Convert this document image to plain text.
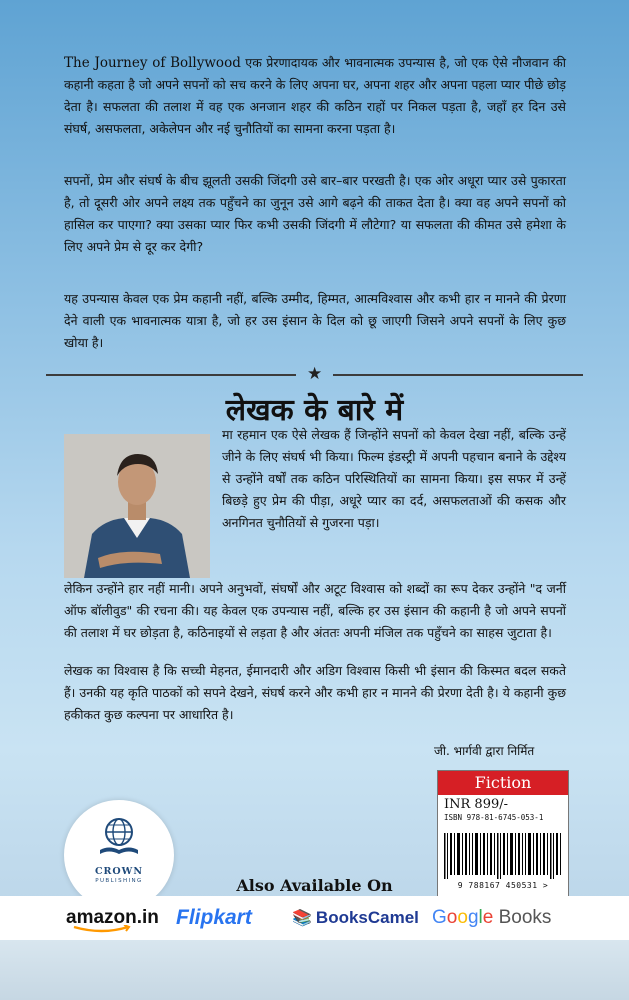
The Journey of Bollywood एक प्रेरणादायक और भावनात्मक उपन्यास है, जो एक ऐसे नौजवान की कहानी कहता है जो अपने सपनों को सच करने के लिए अपना घर, अपना शहर और अपना पहला प्यार पीछे छोड़ देता है। सफलता की तलाश में वह एक अनजान शहर की कठिन राहों पर निकल पड़ता है, जहाँ हर दिन उसे संघर्ष, असफलता, अकेलेपन और नई चुनौतियों का सामना करना पड़ता है।

सपनों, प्रेम और संघर्ष के बीच झूलती उसकी जिंदगी उसे बार–बार परखती है। एक ओर अधूरा प्यार उसे पुकारता है, तो दूसरी ओर अपने लक्ष्य तक पहुँचने का जुनून उसे आगे बढ़ने की ताकत देता है। क्या वह अपने सपनों को हासिल कर पाएगा? क्या उसका प्यार फिर कभी उसकी जिंदगी में लौटेगा? या सफलता की कीमत उसे हमेशा के लिए अपने प्रेम से दूर कर देगी?

यह उपन्यास केवल एक प्रेम कहानी नहीं, बल्कि उम्मीद, हिम्मत, आत्मविश्वास और कभी हार न मानने की प्रेरणा देने वाली एक भावनात्मक यात्रा है, जो हर उस इंसान के दिल को छू जाएगी जिसने अपने सपनों के लिए कुछ खोया है।

★
लेखक के बारे में

मा रहमान एक ऐसे लेखक हैं जिन्होंने सपनों को केवल देखा नहीं, बल्कि उन्हें जीने के लिए संघर्ष भी किया। फिल्म इंडस्ट्री में अपनी पहचान बनाने के उद्देश्य से उन्होंने वर्षों तक कठिन परिस्थितियों का सामना किया। इस सफर में उन्हें बिछड़े हुए प्रेम की पीड़ा, अधूरे प्यार का दर्द, असफलताओं की कसक और अनगिनत चुनौतियों से गुजरना पड़ा।

लेकिन उन्होंने हार नहीं मानी। अपने अनुभवों, संघर्षों और अटूट विश्वास को शब्दों का रूप देकर उन्होंने "द जर्नी ऑफ बॉलीवुड" की रचना की। यह केवल एक उपन्यास नहीं, बल्कि हर उस इंसान की कहानी है जो अपने सपनों की तलाश में घर छोड़ता है, कठिनाइयों से लड़ता है और अंततः अपनी मंजिल तक पहुँचने का साहस जुटाता है।

लेखक का विश्वास है कि सच्ची मेहनत, ईमानदारी और अडिग विश्वास किसी भी इंसान की किस्मत बदल सकते हैं। उनकी यह कृति पाठकों को सपने देखने, संघर्ष करने और कभी हार न मानने की प्रेरणा देती है। ये कहानी कुछ हकीकत कुछ कल्पना पर आधारित है।

जी. भार्गवी द्वारा निर्मित

Fiction
INR 899/-
ISBN 978-81-6745-053-1
9 788167 450531 >
CROWN
PUBLISHING	Also Available On

amazon.in Flipkart	📚 BooksCamel Google Books
